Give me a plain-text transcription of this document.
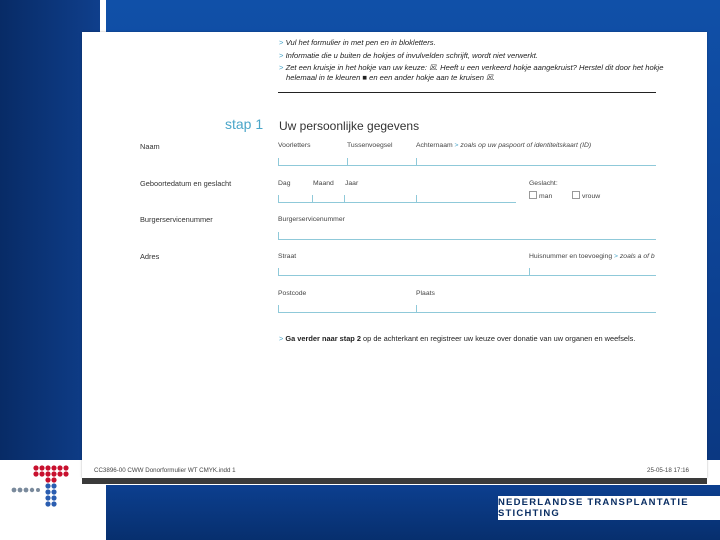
NEDERLANDSE TRANSPLANTATIE STICHTING
> Vul het formulier in met pen en in blokletters.
> Informatie die u buiten de hokjes of invulvelden schrijft, wordt niet verwerkt.
> Zet een kruisje in het hokje van uw keuze: ☒. Heeft u een verkeerd hokje aangekruist? Herstel dit door het hokje
helemaal in te kleuren ■ en een ander hokje aan te kruisen ☒.
stap 1 Uw persoonlijke gegevens
Naam	Voorletters	Tussenvoegsel	Achternaam > zoals op uw paspoort of identiteitskaart (ID)
Geboortedatum en geslacht	Dag	Maand Jaar	Geslacht:
man	vrouw
Burgerservicenummer	Burgerservicenummer
Adres	Straat	Huisnummer en toevoeging > zoals a of b
Postcode	Plaats
> Ga verder naar stap 2 op de achterkant en registreer uw keuze over donatie van uw organen en weefsels.
CC3896-00 CWW Donorformulier WT CMYK.indd 1	25-05-18 17:16
